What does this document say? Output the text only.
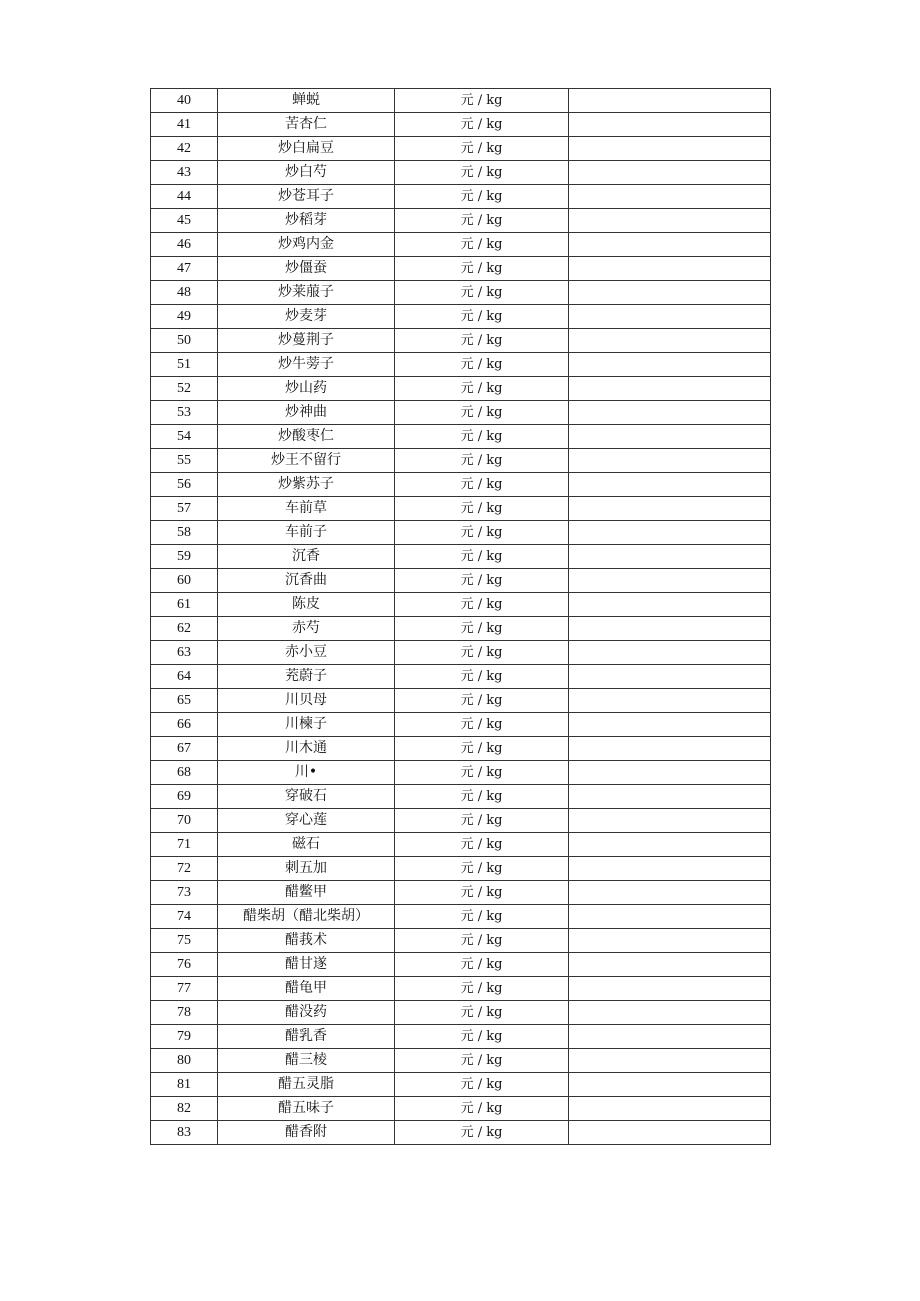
40	蝉蜕	元 / kg	
41	苦杏仁	元 / kg	
42	炒白扁豆	元 / kg	
43	炒白芍	元 / kg	
44	炒苍耳子	元 / kg	
45	炒稻芽	元 / kg	
46	炒鸡内金	元 / kg	
47	炒僵蚕	元 / kg	
48	炒莱菔子	元 / kg	
49	炒麦芽	元 / kg	
50	炒蔓荆子	元 / kg	
51	炒牛蒡子	元 / kg	
52	炒山药	元 / kg	
53	炒神曲	元 / kg	
54	炒酸枣仁	元 / kg	
55	炒王不留行	元 / kg	
56	炒紫苏子	元 / kg	
57	车前草	元 / kg	
58	车前子	元 / kg	
59	沉香	元 / kg	
60	沉香曲	元 / kg	
61	陈皮	元 / kg	
62	赤芍	元 / kg	
63	赤小豆	元 / kg	
64	茺蔚子	元 / kg	
65	川贝母	元 / kg	
66	川楝子	元 / kg	
67	川木通	元 / kg	
68	川•	元 / kg	
69	穿破石	元 / kg	
70	穿心莲	元 / kg	
71	磁石	元 / kg	
72	刺五加	元 / kg	
73	醋鳖甲	元 / kg	
74	醋柴胡（醋北柴胡）	元 / kg	
75	醋莪术	元 / kg	
76	醋甘遂	元 / kg	
77	醋龟甲	元 / kg	
78	醋没药	元 / kg	
79	醋乳香	元 / kg	
80	醋三棱	元 / kg	
81	醋五灵脂	元 / kg	
82	醋五味子	元 / kg	
83	醋香附	元 / kg	
